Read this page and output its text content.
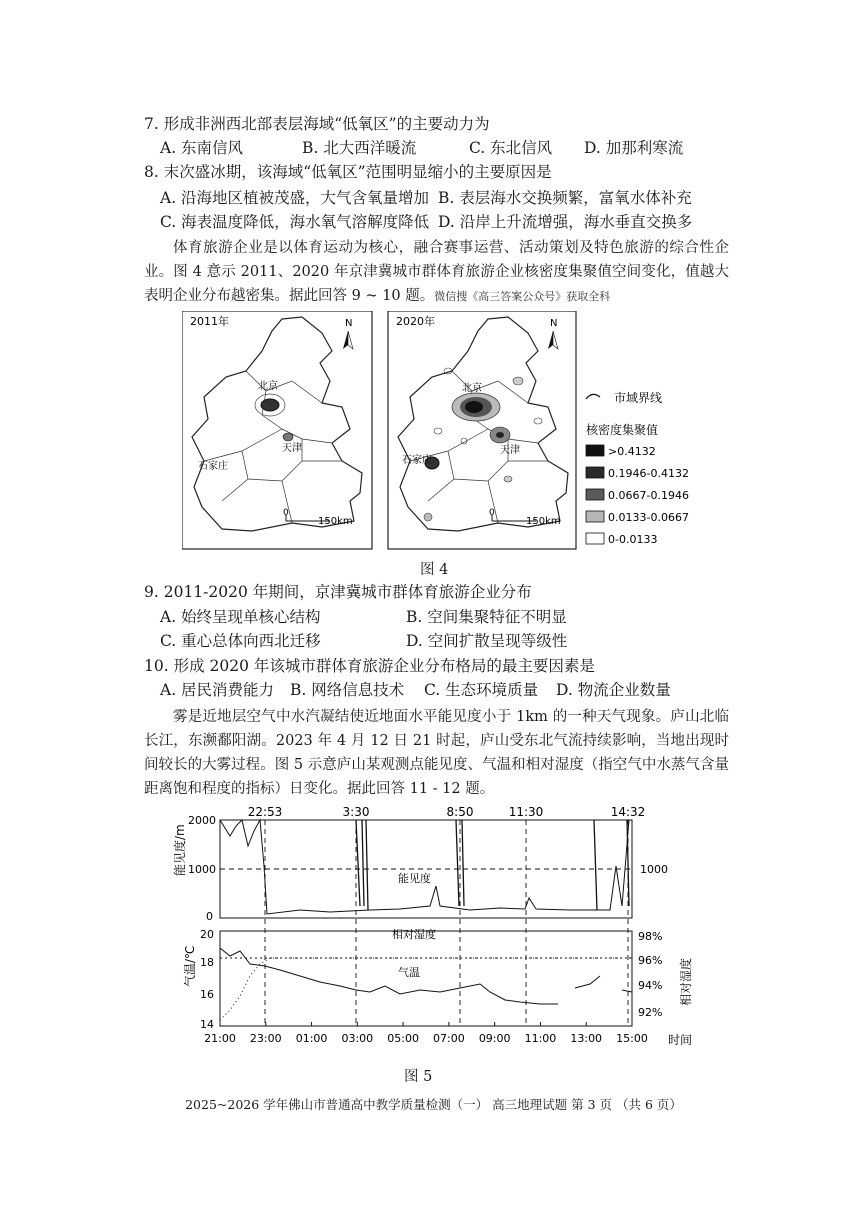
7. 形成非洲西北部表层海域“低氧区”的主要动力为
A. 东南信风	B. 北大西洋暖流	C. 东北信风 D. 加那利寒流
8. 末次盛冰期，该海域“低氧区”范围明显缩小的主要原因是
A. 沿海地区植被茂盛，大气含氧量增加 B. 表层海水交换频繁，富氧水体补充
C. 海表温度降低，海水氧气溶解度降低 D. 沿岸上升流增强，海水垂直交换多
体育旅游企业是以体育运动为核心，融合赛事运营、活动策划及特色旅游的综合性企业。图 4 意示 2011、2020 年京津冀城市群体育旅游企业核密度集聚值空间变化，值越大表明企业分布越密集。据此回答 9 ~ 10 题。微信搜《高三答案公众号》获取全科
2011年	N
北京
天津
石家庄
0
150km
2020年	N
北京
天津
石家庄
0
150km
市域界线
核密度集聚值
>0.4132
0.1946-0.4132
0.0667-0.1946
0.0133-0.0667
0-0.0133
图 4
9. 2011-2020 年期间，京津冀城市群体育旅游企业分布
A. 始终呈现单核心结构	B. 空间集聚特征不明显
C. 重心总体向西北迁移	D. 空间扩散呈现等级性
10. 形成 2020 年该城市群体育旅游企业分布格局的最主要因素是
A. 居民消费能力 B. 网络信息技术 C. 生态环境质量 D. 物流企业数量
雾是近地层空气中水汽凝结使近地面水平能见度小于 1km 的一种天气现象。庐山北临长江，东濒鄱阳湖。2023 年 4 月 12 日 21 时起，庐山受东北气流持续影响，当地出现时间较长的大雾过程。图 5 示意庐山某观测点能见度、气温和相对湿度（指空气中水蒸气含量距离饱和程度的指标）日变化。据此回答 11 - 12 题。
能见度/m
气温/℃	相对湿度
2000
1000
0
1000
20
18
16
14
98%
96%
94%
92%
22:53	3:30	8:50	11:30	14:32
21:00 23:00 01:00 03:00 05:00 07:00 09:00 11:00 13:00 15:00
能见度
相对湿度
气温
时间
图 5
2025~2026 学年佛山市普通高中教学质量检测（一） 高三地理试题 第 3 页 （共 6 页）
